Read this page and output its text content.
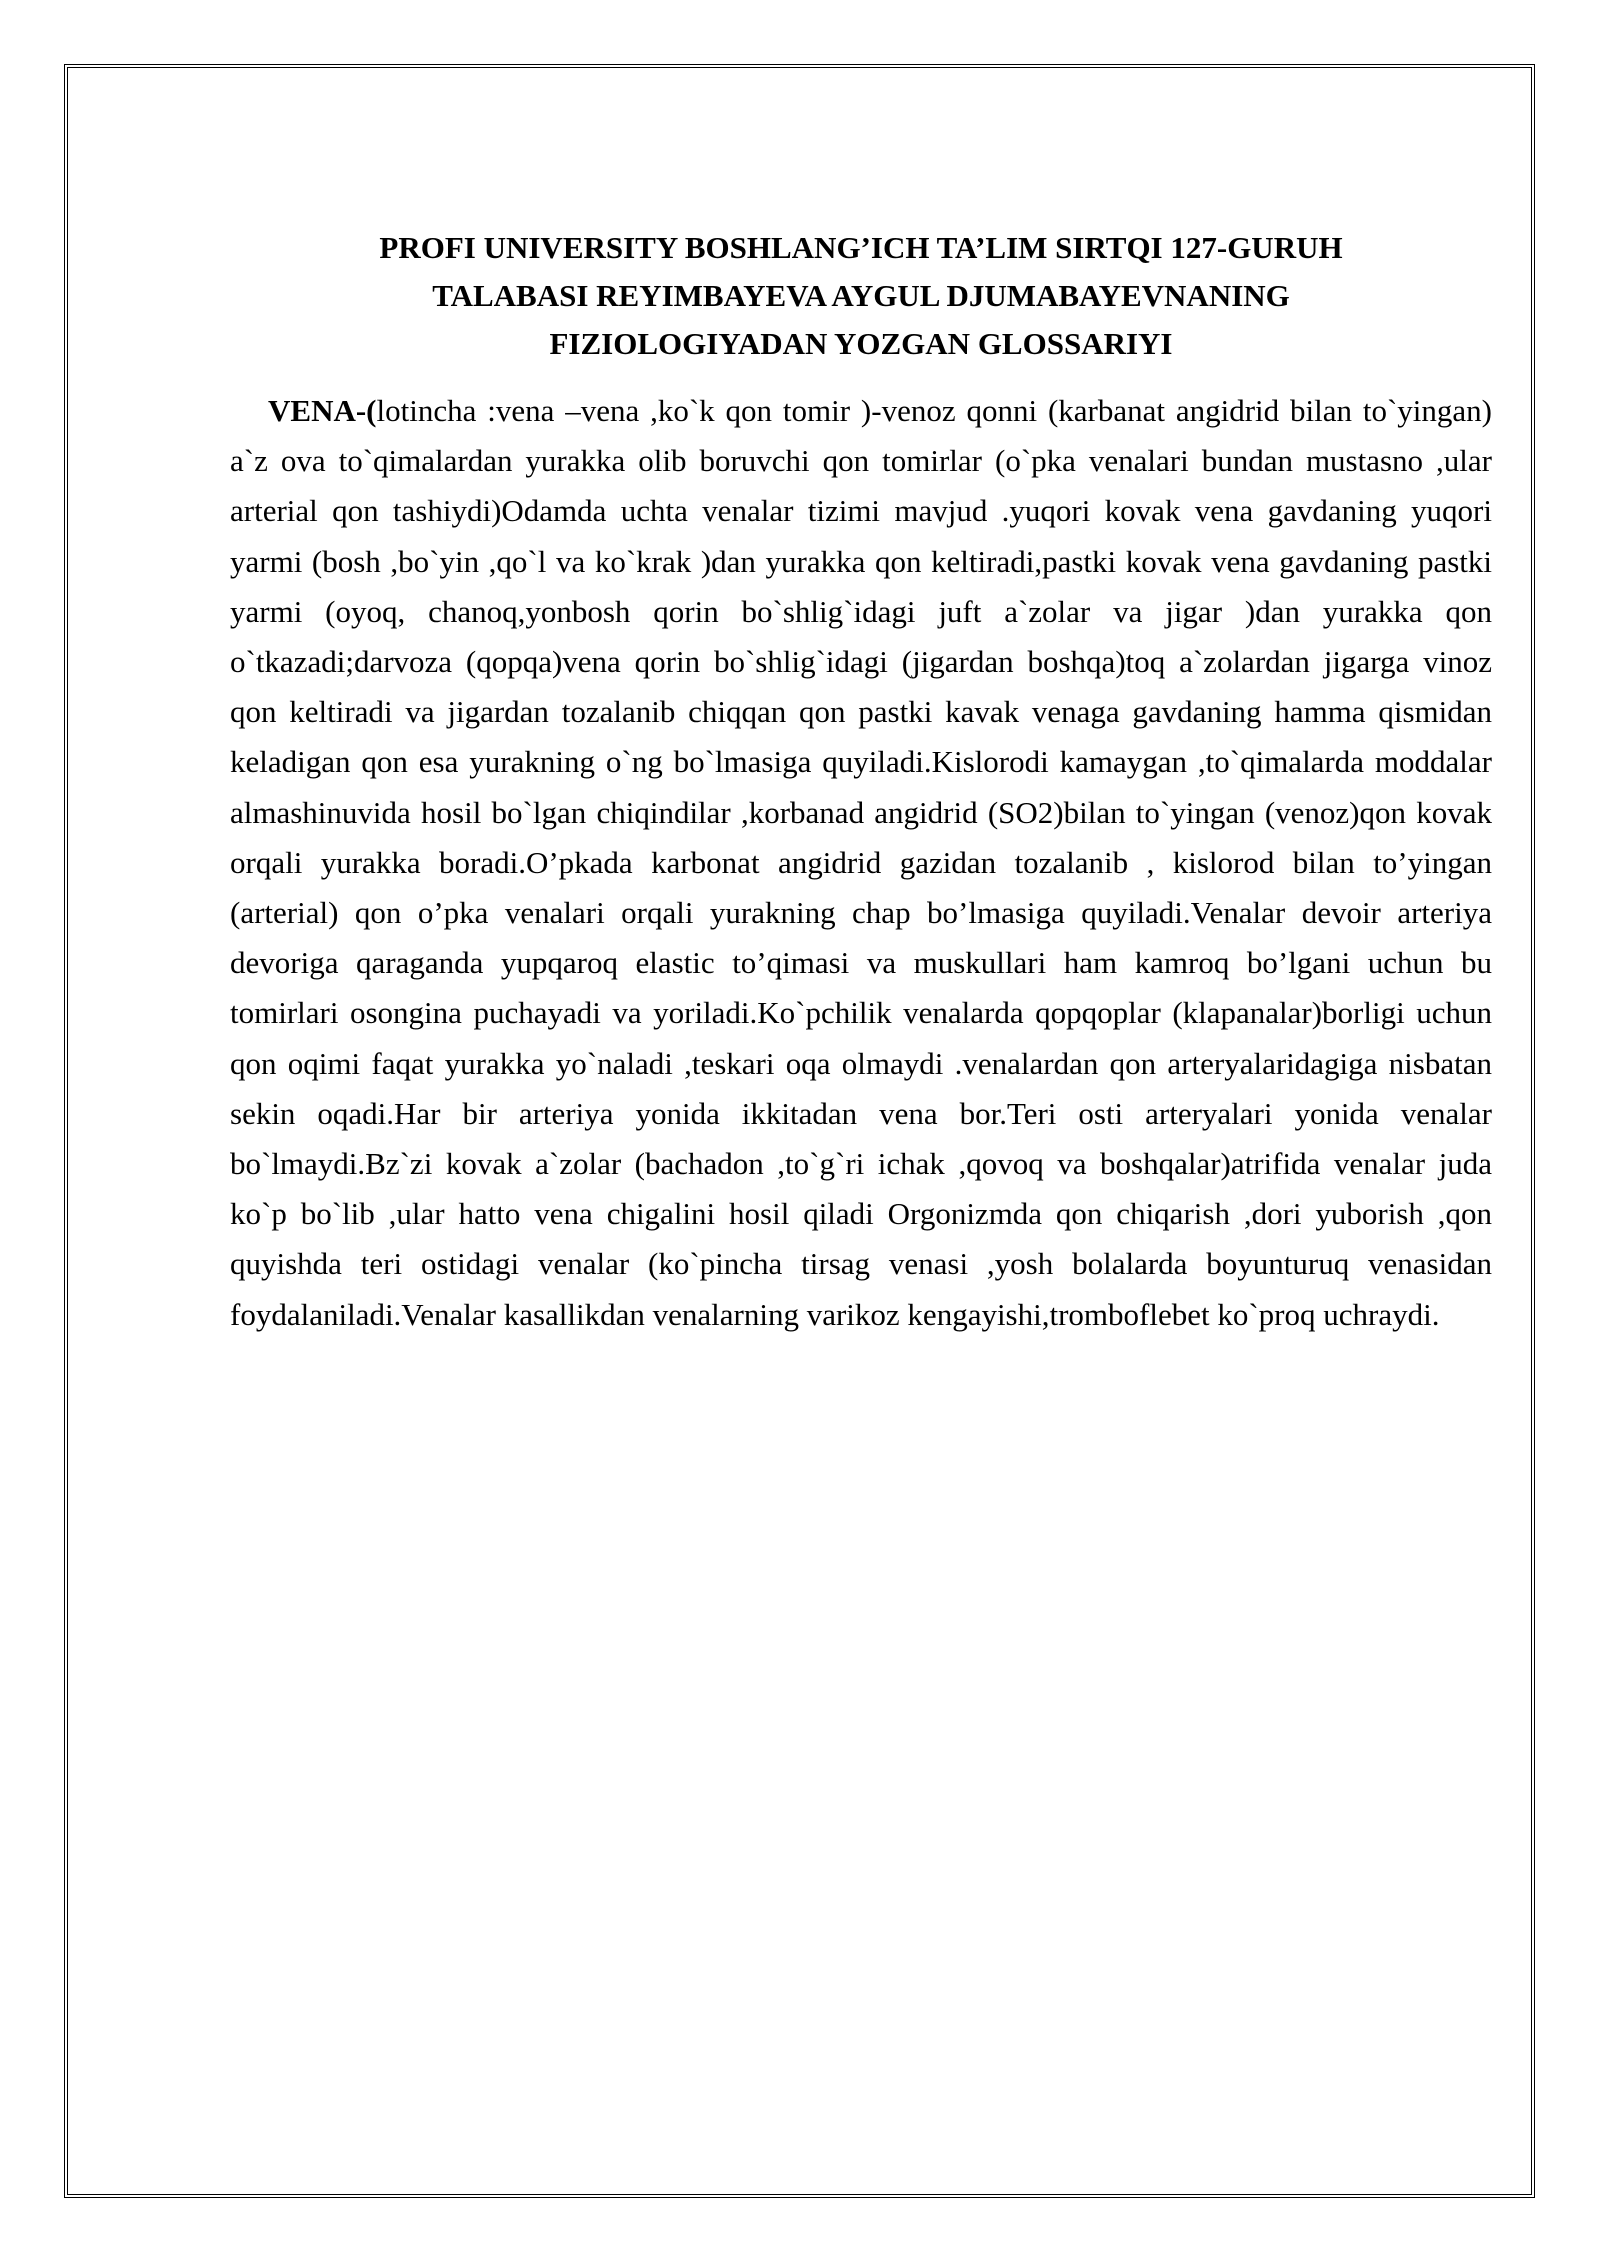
PROFI UNIVERSITY BOSHLANG’ICH TA’LIM SIRTQI 127-GURUH
TALABASI REYIMBAYEVA AYGUL DJUMABAYEVNANING
FIZIOLOGIYADAN YOZGAN GLOSSARIYI

VENA-(lotincha :vena –vena ,ko`k qon tomir )-venoz qonni (karbanat angidrid bilan to`yingan) a`z ova to`qimalardan yurakka olib boruvchi qon tomirlar (o`pka venalari bundan mustasno ,ular arterial qon tashiydi)Odamda uchta venalar tizimi mavjud .yuqori kovak vena gavdaning yuqori yarmi (bosh ,bo`yin ,qo`l va ko`krak )dan yurakka qon keltiradi,pastki kovak vena gavdaning pastki yarmi (oyoq, chanoq,yonbosh qorin bo`shlig`idagi juft a`zolar va jigar )dan yurakka qon o`tkazadi;darvoza (qopqa)vena qorin bo`shlig`idagi (jigardan boshqa)toq a`zolardan jigarga vinoz qon keltiradi va jigardan tozalanib chiqqan qon pastki kavak venaga gavdaning hamma qismidan keladigan qon esa yurakning o`ng bo`lmasiga quyiladi.Kislorodi kamaygan ,to`qimalarda moddalar almashinuvida hosil bo`lgan chiqindilar ,korbanad angidrid (SO2)bilan to`yingan (venoz)qon kovak orqali yurakka boradi.O’pkada karbonat angidrid gazidan tozalanib , kislorod bilan to’yingan (arterial) qon o’pka venalari orqali yurakning chap bo’lmasiga quyiladi.Venalar devoir arteriya devoriga qaraganda yupqaroq elastic to’qimasi va muskullari ham kamroq bo’lgani uchun bu tomirlari osongina puchayadi va yoriladi.Ko`pchilik venalarda qopqoplar (klapanalar)borligi uchun qon oqimi faqat yurakka yo`naladi ,teskari oqa olmaydi .venalardan qon arteryalaridagiga nisbatan sekin oqadi.Har bir arteriya yonida ikkitadan vena bor.Teri osti arteryalari yonida venalar bo`lmaydi.Bz`zi kovak a`zolar (bachadon ,to`g`ri ichak ,qovoq va boshqalar)atrifida venalar juda ko`p bo`lib ,ular hatto vena chigalini hosil qiladi Orgonizmda qon chiqarish ,dori yuborish ,qon quyishda teri ostidagi venalar (ko`pincha tirsag venasi ,yosh bolalarda boyunturuq venasidan foydalaniladi.Venalar kasallikdan venalarning varikoz kengayishi,tromboflebet ko`proq uchraydi.
